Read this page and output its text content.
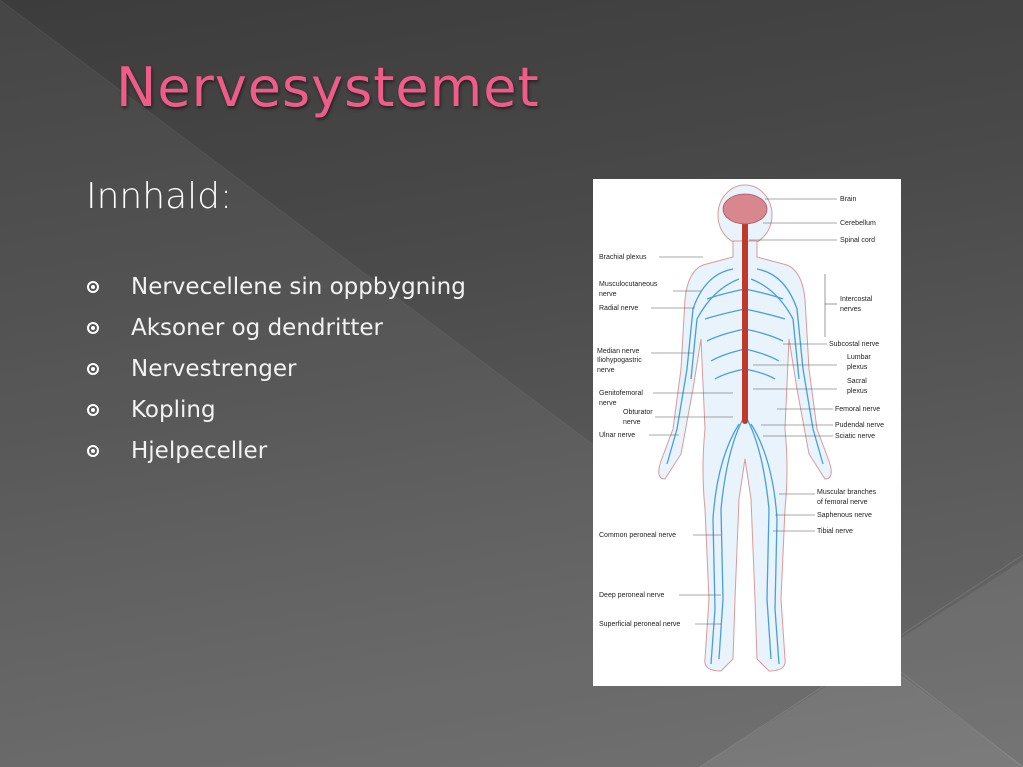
Nervesystemet
Innhald:
Nervecellene sin oppbygning
Aksoner og dendritter
Nervestrenger
Kopling
Hjelpeceller
Brain
Cerebellum
Spinal cord
Intercostal
nerves
Subcostal nerve
Lumbar
plexus
Sacral
plexus
Femoral nerve
Pudendal nerve
Sciatic nerve
Muscular branches
of femoral nerve
Saphenous nerve
Tibial nerve
Brachial plexus
Musculocutaneous
nerve
Radial nerve
Median nerve
Iliohypogastric
nerve
Genitofemoral
nerve
Obturator
nerve
Ulnar nerve
Common peroneal nerve
Deep peroneal nerve
Superficial peroneal nerve
